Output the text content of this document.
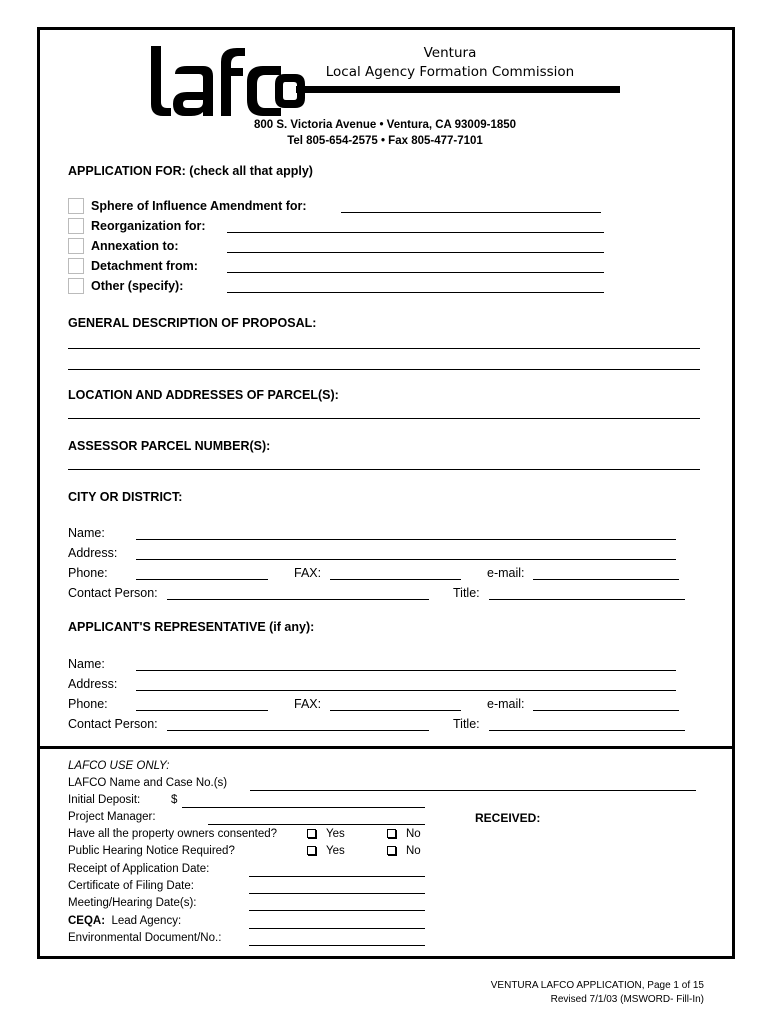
Ventura
Local Agency Formation Commission
800 S. Victoria Avenue • Ventura, CA 93009-1850
Tel 805-654-2575 • Fax 805-477-7101
APPLICATION FOR: (check all that apply)
Sphere of Influence Amendment for:
Reorganization for:
Annexation to:
Detachment from:
Other (specify):
GENERAL DESCRIPTION OF PROPOSAL:
LOCATION AND ADDRESSES OF PARCEL(S):
ASSESSOR PARCEL NUMBER(S):
CITY OR DISTRICT:
Name:
Address:
Phone:	FAX:	e-mail:
Contact Person:	Title:
APPLICANT'S REPRESENTATIVE (if any):
Name:
Address:
Phone:	FAX:	e-mail:
Contact Person:	Title:
LAFCO USE ONLY:
LAFCO Name and Case No.(s)
Initial Deposit:	$
Project Manager:	RECEIVED:
Have all the property owners consented?	Yes	No
Public Hearing Notice Required?	Yes	No
Receipt of Application Date:
Certificate of Filing Date:
Meeting/Hearing Date(s):
CEQA: Lead Agency:
Environmental Document/No.:
VENTURA LAFCO APPLICATION, Page 1 of 15
Revised 7/1/03 (MSWORD- Fill-In)
